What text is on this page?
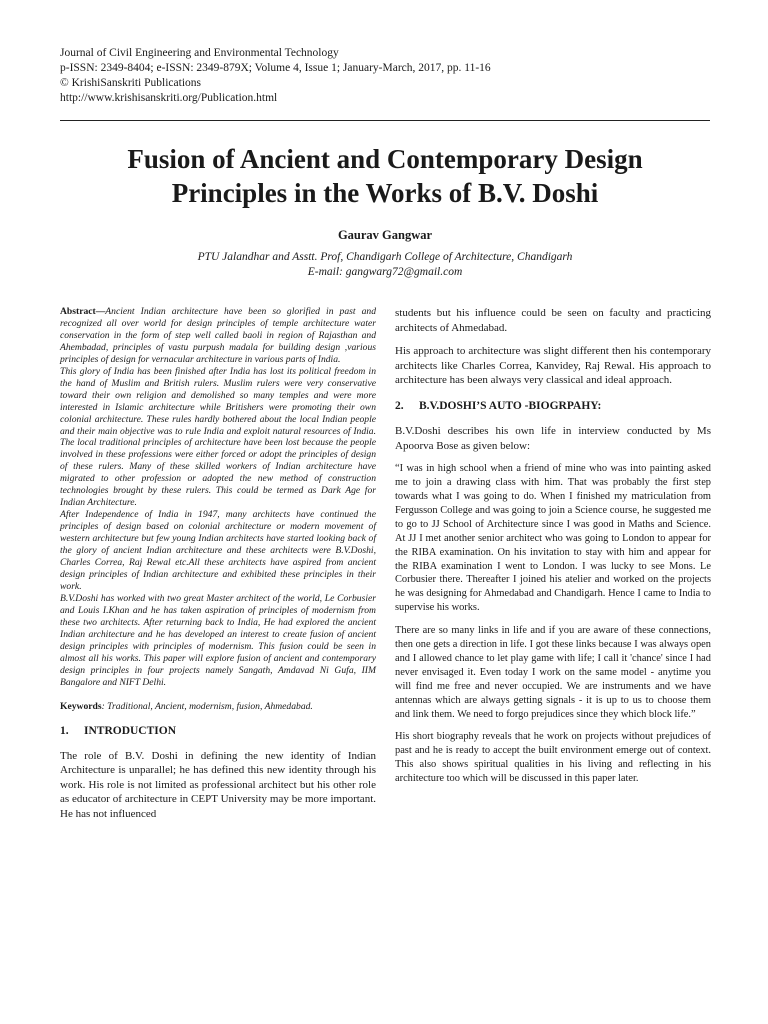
Journal of Civil Engineering and Environmental Technology
p-ISSN: 2349-8404; e-ISSN: 2349-879X; Volume 4, Issue 1; January-March, 2017, pp. 11-16
© KrishiSanskriti Publications
http://www.krishisanskriti.org/Publication.html
Fusion of Ancient and Contemporary Design
Principles in the Works of B.V. Doshi
Gaurav Gangwar
PTU Jalandhar and Asstt. Prof, Chandigarh College of Architecture, Chandigarh
E-mail: gangwarg72@gmail.com

Abstract—Ancient Indian architecture have been so glorified in past and recognized all over world for design principles of temple architecture water conservation in the form of step well called baoli in region of Rajasthan and Ahembadad, principles of vastu purpush madala for building design ,various principles of design for vernacular architecture in various parts of India.

This glory of India has been finished after India has lost its political freedom in the hand of Muslim and British rulers. Muslim rulers were very conservative toward their own religion and demolished so many temples and were more interested in Islamic architecture while Britishers were promoting their own colonial architecture. These rules hardly bothered about the local Indian people and their main objective was to rule India and exploit natural resources of India. The local traditional principles of architecture have been lost because the people involved in these professions were either forced or adopt the principles of design of these rulers. Many of these skilled workers of Indian architecture have migrated to other profession or adopted the new method of construction technologies brought by these rulers. This could be termed as Dark Age for Indian Architecture.

After Independence of India in 1947, many architects have continued the principles of design based on colonial architecture or modern movement of western architecture but few young Indian architects have started looking back of the glory of ancient Indian architecture and these architects were B.V.Doshi, Charles Correa, Raj Rewal etc.All these architects have aspired from ancient design principles of Indian architecture and exhibited these principles in their work.

B.V.Doshi has worked with two great Master architect of the world, Le Corbusier and Louis I.Khan and he has taken aspiration of principles of modernism from these two architects. After returning back to India, He had explored the ancient Indian architecture and he has developed an interest to create fusion of ancient design principles with principles of modernism. This fusion could be seen in almost all his works. This paper will explore fusion of ancient and contemporary design principles in four projects namely Sangath, Amdavad Ni Gufa, IIM Bangalore and NIFT Delhi.

Keywords: Traditional, Ancient, modernism, fusion, Ahmedabad.

1. INTRODUCTION

The role of B.V. Doshi in defining the new identity of Indian Architecture is unparallel; he has defined this new identity through his work. His role is not limited as professional architect but his other role as educator of architecture in CEPT University may be more important. He has not influenced

students but his influence could be seen on faculty and practicing architects of Ahmedabad.

His approach to architecture was slight different then his contemporary architects like Charles Correa, Kanvidey, Raj Rewal. His approach to architecture has been always very classical and ideal approach.

2. B.V.DOSHI’S AUTO -BIOGRPAHY:

B.V.Doshi describes his own life in interview conducted by Ms Apoorva Bose as given below:

“I was in high school when a friend of mine who was into painting asked me to join a drawing class with him. That was probably the first step towards what I was going to do. When I finished my matriculation from Fergusson College and was going to join a Science course, he suggested me to go to JJ School of Architecture since I was good in Maths and Science. At JJ I met another senior architect who was going to London to appear for the RIBA examination. On his invitation to stay with him and appear for the RIBA examination I went to London. I was lucky to see Mons. Le Corbusier there. Thereafter I joined his atelier and worked on the projects he was designing for Ahmedabad and Chandigarh. Hence I came to India to supervise his works.

There are so many links in life and if you are aware of these connections, then one gets a direction in life. I got these links because I was always open and I allowed chance to let play game with life; I call it 'chance' since I had never envisaged it. Even today I work on the same model - anytime you will find me free and never occupied. We are instruments and we have antennas which are always getting signals - it is up to us to choose them and link them. We need to forgo prejudices since they which block life.”

His short biography reveals that he work on projects without prejudices of past and he is ready to accept the built environment emerge out of context. This also shows spiritual qualities in his living and reflecting in his architecture too which will be discussed in this paper later.
